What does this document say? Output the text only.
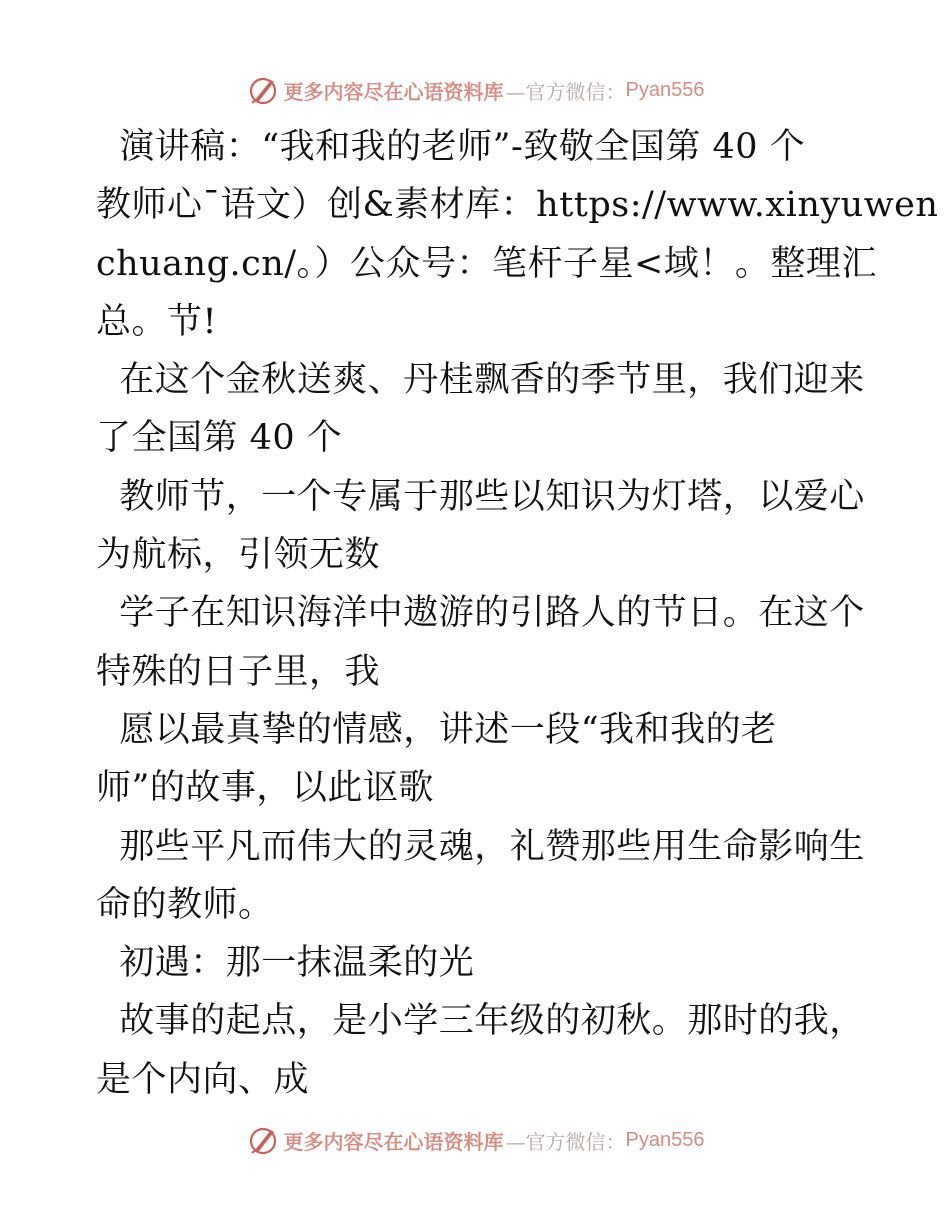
更多内容尽在心语资料库 —官方微信： Pyan556

演讲稿：“我和我的老师”-致敬全国第 40 个

教师心¯语文）创&素材库：https://www.xinyuwen

chuang.cn/。）公众号：笔杆子星<域！。整理汇

总。节!

在这个金秋送爽、丹桂飘香的季节里，我们迎来

了全国第 40 个

教师节，一个专属于那些以知识为灯塔，以爱心

为航标，引领无数

学子在知识海洋中遨游的引路人的节日。在这个

特殊的日子里，我

愿以最真挚的情感，讲述一段“我和我的老

师”的故事，以此讴歌

那些平凡而伟大的灵魂，礼赞那些用生命影响生

命的教师。

初遇：那一抹温柔的光

故事的起点，是小学三年级的初秋。那时的我，

是个内向、成

更多内容尽在心语资料库 —官方微信： Pyan556
